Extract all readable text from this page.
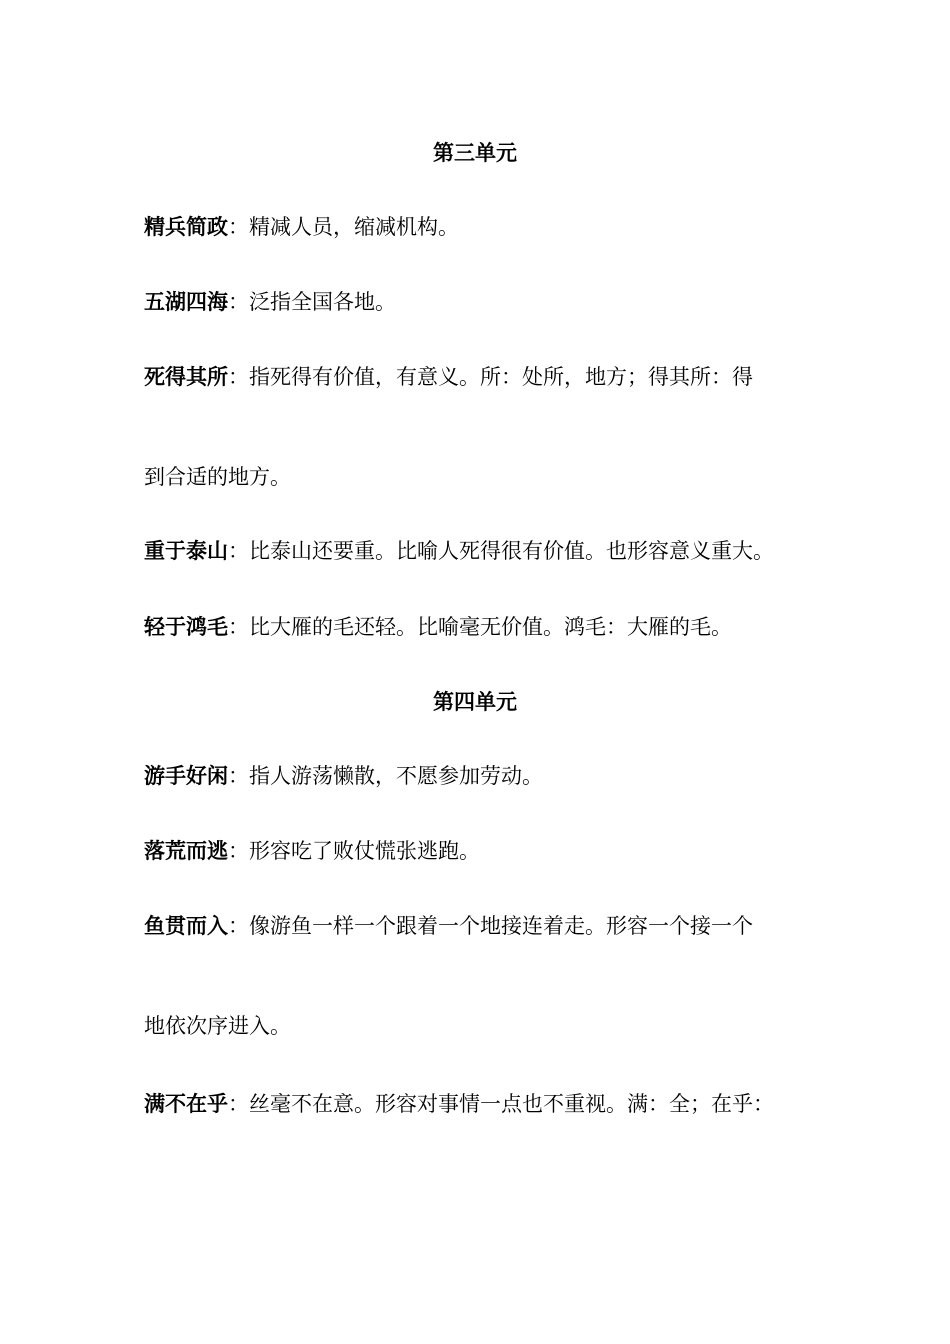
第三单元
精兵简政：精减人员，缩减机构。
五湖四海：泛指全国各地。
死得其所：指死得有价值，有意义。所：处所，地方；得其所：得
到合适的地方。
重于泰山：比泰山还要重。比喻人死得很有价值。也形容意义重大。
轻于鸿毛：比大雁的毛还轻。比喻毫无价值。鸿毛：大雁的毛。
第四单元
游手好闲：指人游荡懒散，不愿参加劳动。
落荒而逃：形容吃了败仗慌张逃跑。
鱼贯而入：像游鱼一样一个跟着一个地接连着走。形容一个接一个
地依次序进入。
满不在乎：丝毫不在意。形容对事情一点也不重视。满：全；在乎：
